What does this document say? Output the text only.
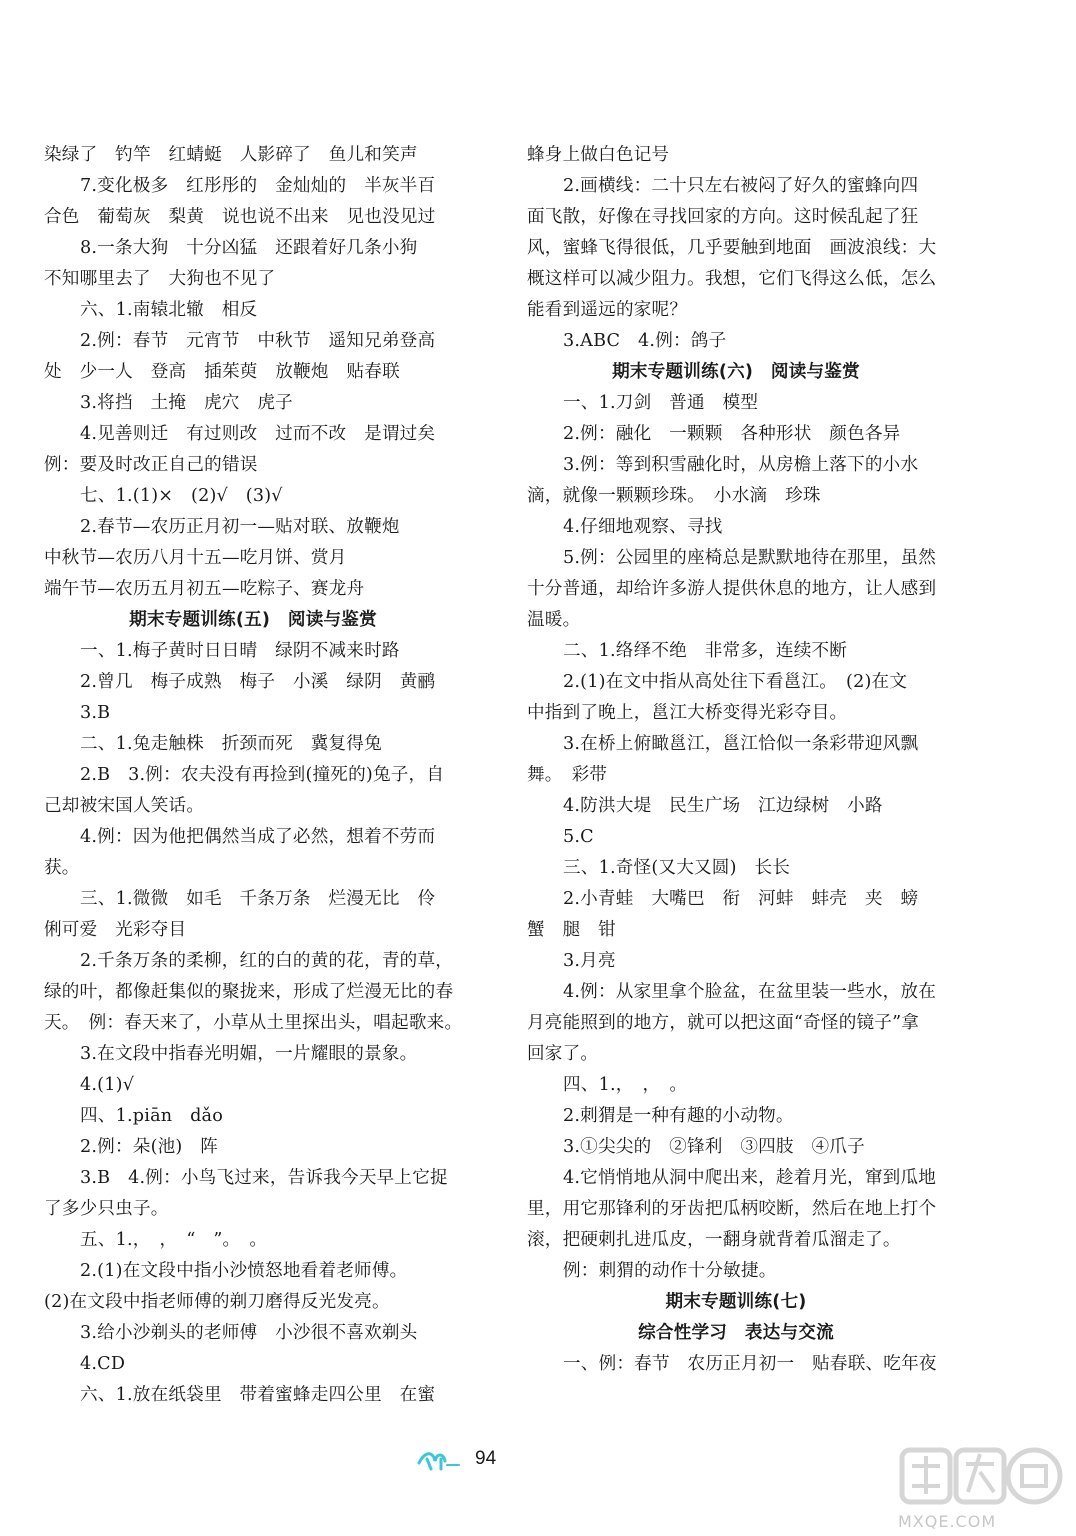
染绿了　钓竿　红蜻蜓　人影碎了　鱼儿和笑声
7.变化极多　红彤彤的　金灿灿的　半灰半百
合色　葡萄灰　梨黄　说也说不出来　见也没见过
8.一条大狗　十分凶猛　还跟着好几条小狗
不知哪里去了　大狗也不见了
六、1.南辕北辙　相反
2.例：春节　元宵节　中秋节　遥知兄弟登高
处　少一人　登高　插茱萸　放鞭炮　贴春联
3.将挡　土掩　虎穴　虎子
4.见善则迁　有过则改　过而不改　是谓过矣
例：要及时改正自己的错误
七、1.(1)×　(2)√　(3)√
2.春节—农历正月初一—贴对联、放鞭炮
中秋节—农历八月十五—吃月饼、赏月
端午节—农历五月初五—吃粽子、赛龙舟
期末专题训练(五)　阅读与鉴赏
一、1.梅子黄时日日晴　绿阴不减来时路
2.曾几　梅子成熟　梅子　小溪　绿阴　黄鹂
3.B
二、1.兔走触株　折颈而死　冀复得兔
2.B　3.例：农夫没有再捡到(撞死的)兔子，自
己却被宋国人笑话。
4.例：因为他把偶然当成了必然，想着不劳而
获。
三、1.微微　如毛　千条万条　烂漫无比　伶
俐可爱　光彩夺目
2.千条万条的柔柳，红的白的黄的花，青的草，
绿的叶，都像赶集似的聚拢来，形成了烂漫无比的春
天。　例：春天来了，小草从土里探出头，唱起歌来。
3.在文段中指春光明媚，一片耀眼的景象。
4.(1)√
四、1.piān　dǎo
2.例：朵(池)　阵
3.B　4.例：小鸟飞过来，告诉我今天早上它捉
了多少只虫子。
五、1.，　，　“　”。　。
2.(1)在文段中指小沙愤怒地看着老师傅。
(2)在文段中指老师傅的剃刀磨得反光发亮。
3.给小沙剃头的老师傅　小沙很不喜欢剃头
4.CD
六、1.放在纸袋里　带着蜜蜂走四公里　在蜜
蜂身上做白色记号
2.画横线：二十只左右被闷了好久的蜜蜂向四
面飞散，好像在寻找回家的方向。这时候乱起了狂
风，蜜蜂飞得很低，几乎要触到地面　画波浪线：大
概这样可以减少阻力。我想，它们飞得这么低，怎么
能看到遥远的家呢？
3.ABC　4.例：鸽子
期末专题训练(六)　阅读与鉴赏
一、1.刀剑　普通　模型
2.例：融化　一颗颗　各种形状　颜色各异
3.例：等到积雪融化时，从房檐上落下的小水
滴，就像一颗颗珍珠。　小水滴　珍珠
4.仔细地观察、寻找
5.例：公园里的座椅总是默默地待在那里，虽然
十分普通，却给许多游人提供休息的地方，让人感到
温暖。
二、1.络绎不绝　非常多，连续不断
2.(1)在文中指从高处往下看邕江。　(2)在文
中指到了晚上，邕江大桥变得光彩夺目。
3.在桥上俯瞰邕江，邕江恰似一条彩带迎风飘
舞。　彩带
4.防洪大堤　民生广场　江边绿树　小路
5.C
三、1.奇怪(又大又圆)　长长
2.小青蛙　大嘴巴　衔　河蚌　蚌壳　夹　螃
蟹　腿　钳
3.月亮
4.例：从家里拿个脸盆，在盆里装一些水，放在
月亮能照到的地方，就可以把这面“奇怪的镜子”拿
回家了。
四、1.，　，　。
2.刺猬是一种有趣的小动物。
3.①尖尖的　②锋利　③四肢　④爪子
4.它悄悄地从洞中爬出来，趁着月光，窜到瓜地
里，用它那锋利的牙齿把瓜柄咬断，然后在地上打个
滚，把硬刺扎进瓜皮，一翻身就背着瓜溜走了。
例：刺猬的动作十分敏捷。
期末专题训练(七)
综合性学习　表达与交流
一、例：春节　农历正月初一　贴春联、吃年夜
94
MXQE.COM
